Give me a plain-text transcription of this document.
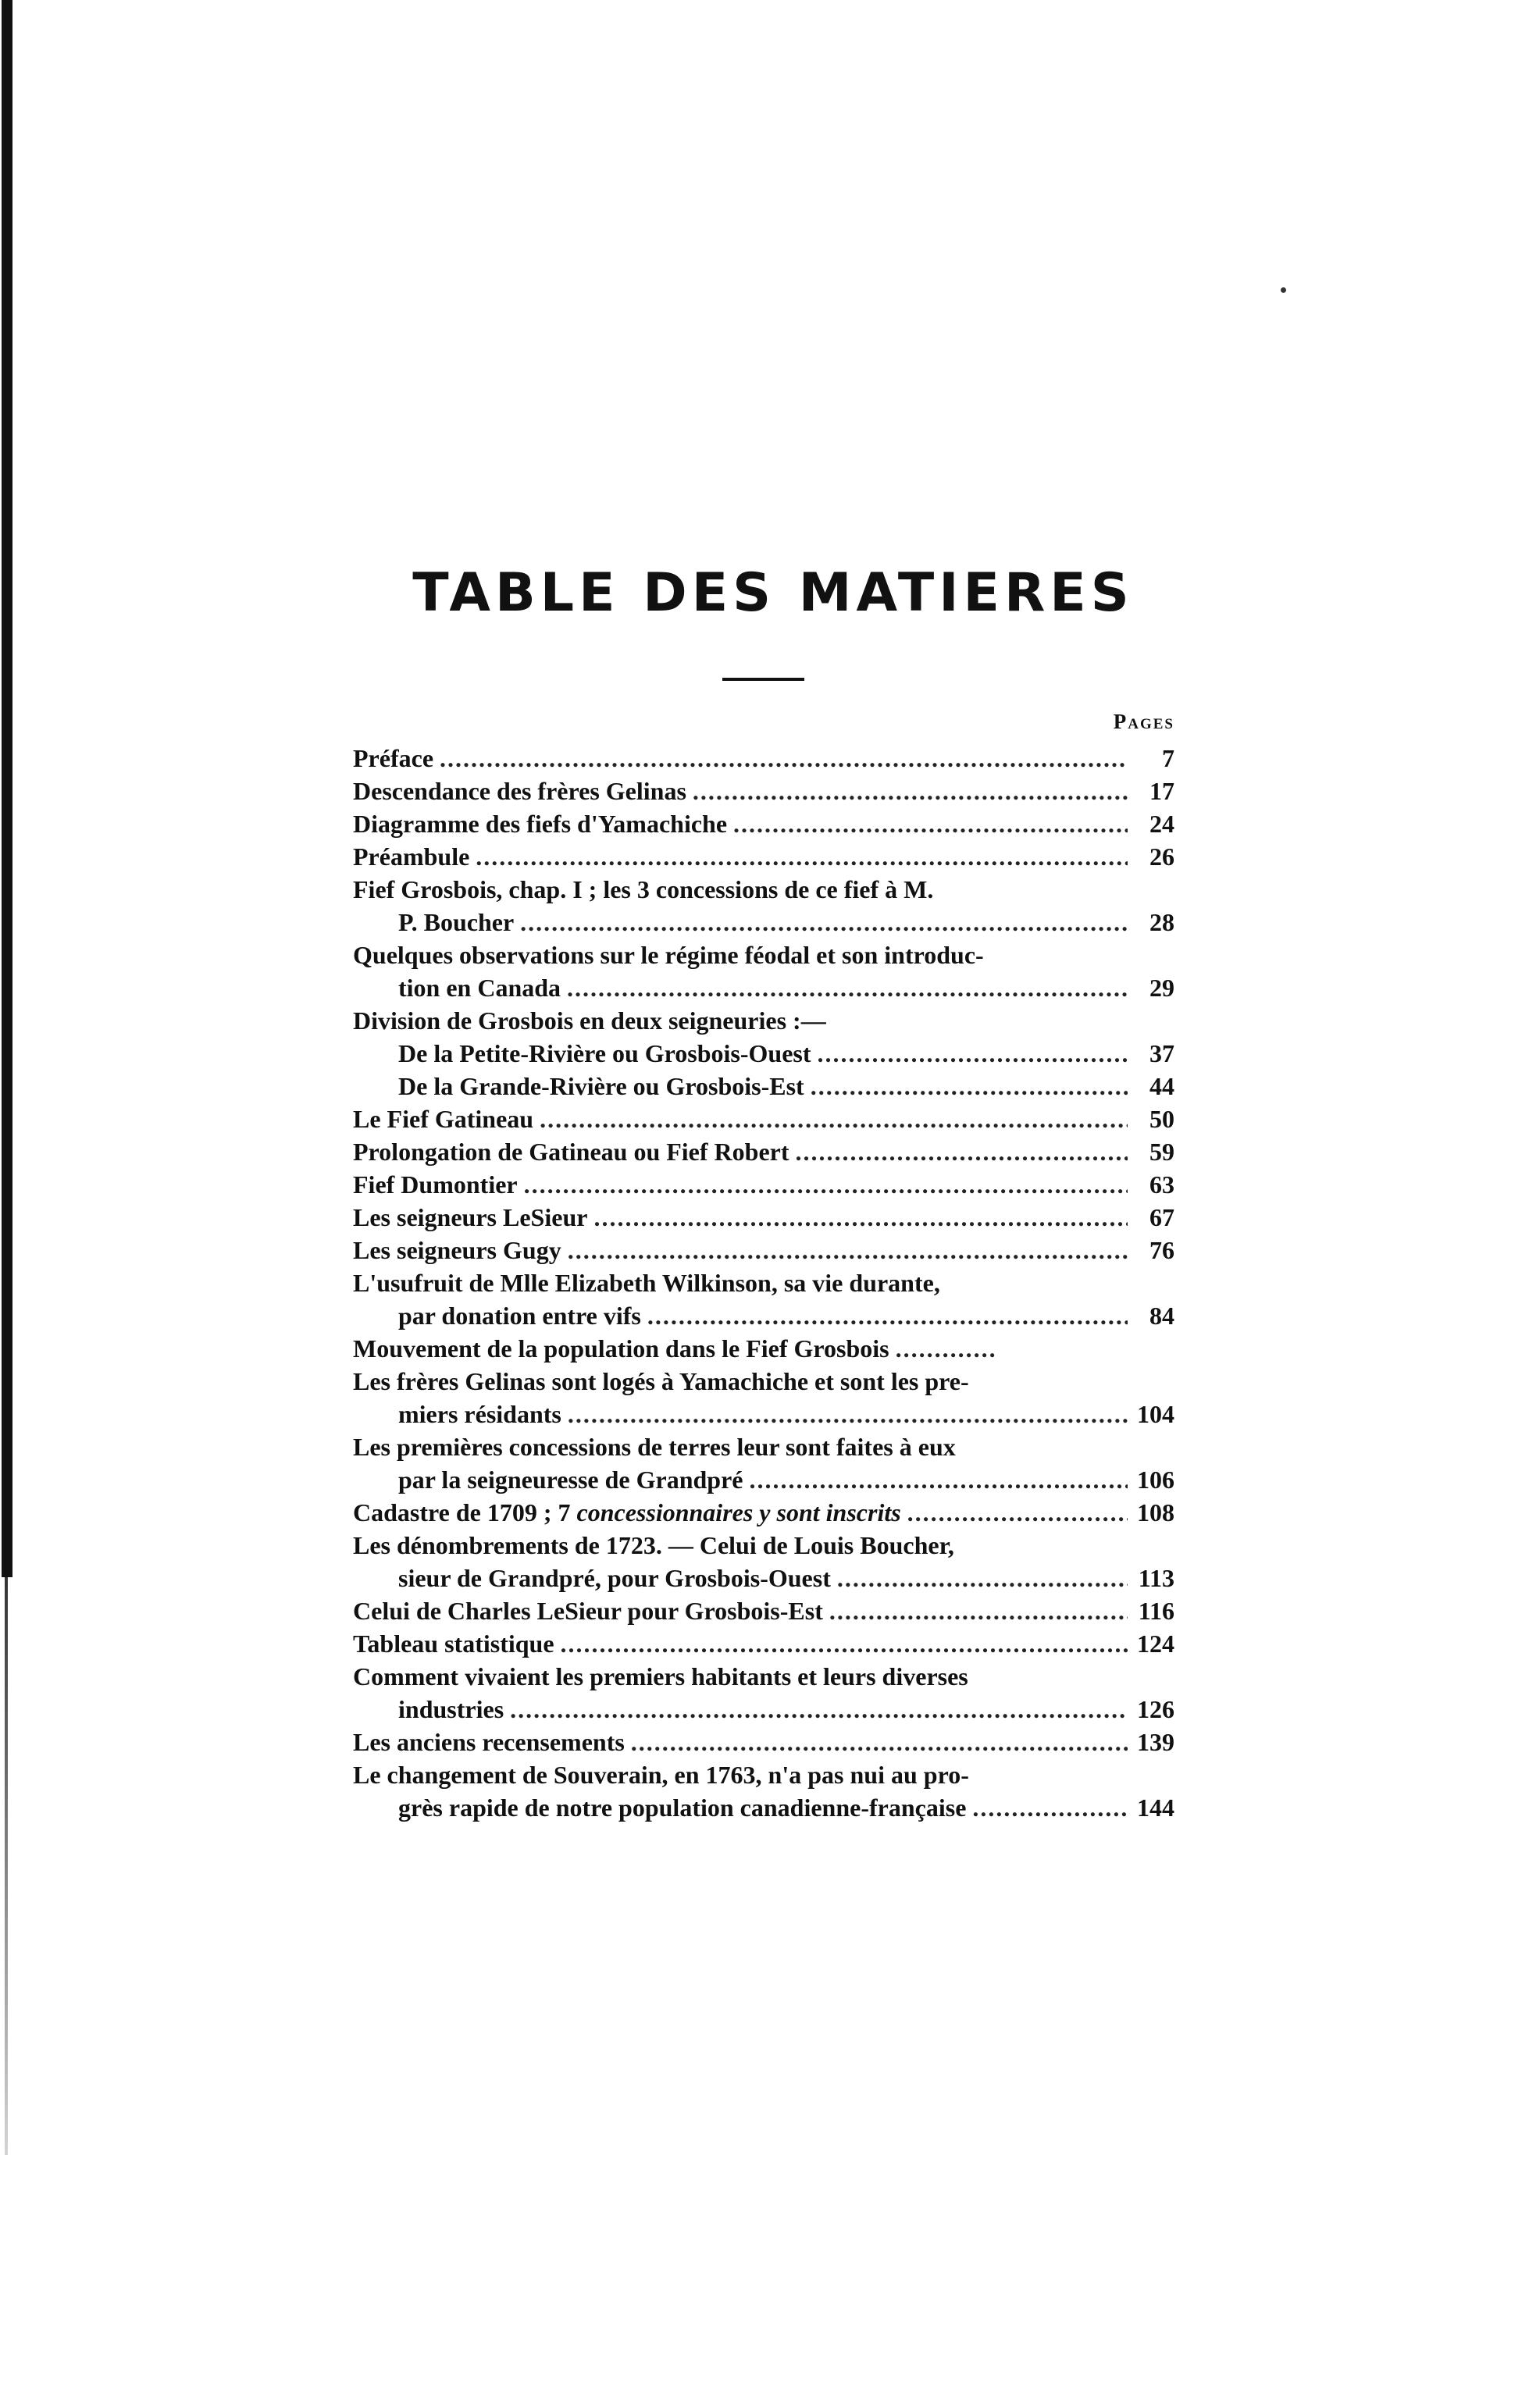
TABLE DES MATIERES
Pages
Préface .....	7
Descendance des frères Gelinas .....	17
Diagramme des fiefs d'Yamachiche .....	24
Préambule .....	26
Fief Grosbois, chap. I ; les 3 concessions de ce fief à M.
P. Boucher .....	28
Quelques observations sur le régime féodal et son introduc-
tion en Canada .....	29
Division de Grosbois en deux seigneuries :—
De la Petite-Rivière ou Grosbois-Ouest .....	37
De la Grande-Rivière ou Grosbois-Est .....	44
Le Fief Gatineau .....	50
Prolongation de Gatineau ou Fief Robert .....	59
Fief Dumontier .....	63
Les seigneurs LeSieur .....	67
Les seigneurs Gugy .....	76
L'usufruit de Mlle Elizabeth Wilkinson, sa vie durante,
par donation entre vifs .....	84
Mouvement de la population dans le Fief Grosbois
.....
Les frères Gelinas sont logés à Yamachiche et sont les pre-
miers résidants .....	104
Les premières concessions de terres leur sont faites à eux
par la seigneuresse de Grandpré .....	106
Cadastre de 1709 ; 7 concessionnaires y sont inscrits .....	108
Les dénombrements de 1723. — Celui de Louis Boucher,
sieur de Grandpré, pour Grosbois-Ouest .....	113
Celui de Charles LeSieur pour Grosbois-Est .....	116
Tableau statistique .....	124
Comment vivaient les premiers habitants et leurs diverses
industries .....	126
Les anciens recensements .....	139
Le changement de Souverain, en 1763, n'a pas nui au pro-
grès rapide de notre population canadienne-française .....	144
